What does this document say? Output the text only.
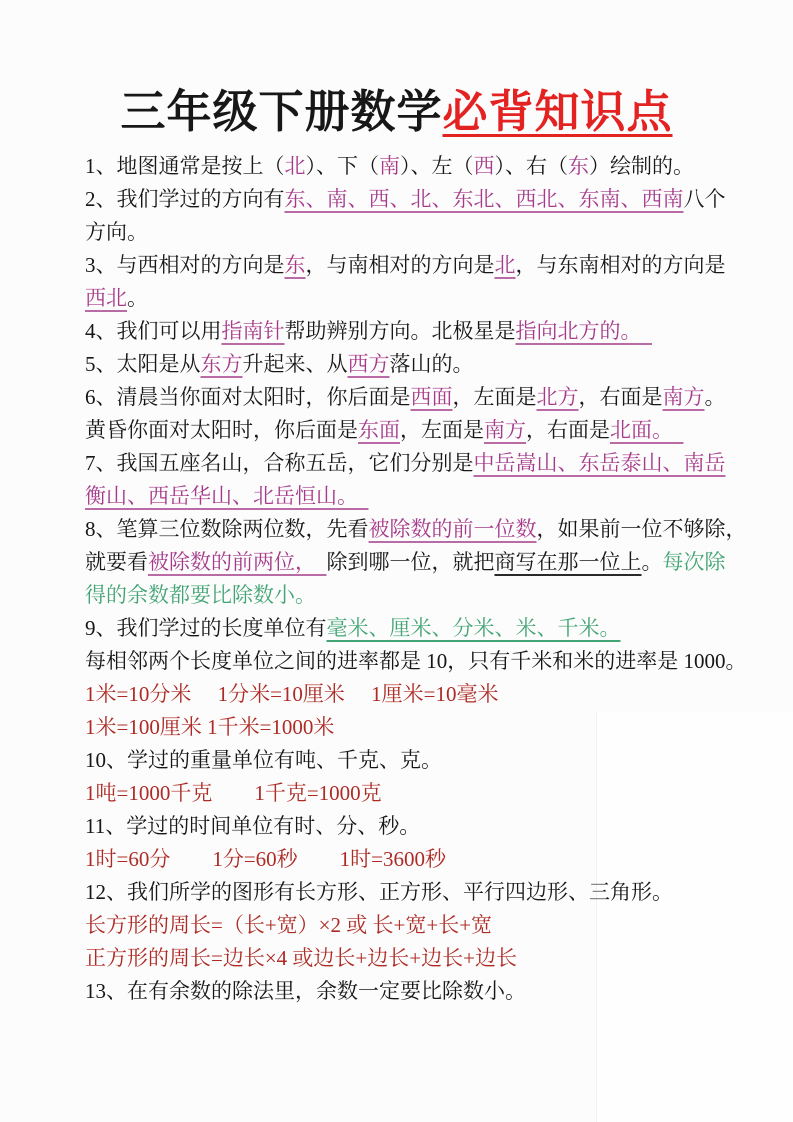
三年级下册数学必背知识点

1、地图通常是按上（北）、下（南）、左（西）、右（东）绘制的。

2、我们学过的方向有东、南、西、北、东北、西北、东南、西南八个

方向。

3、与西相对的方向是东，与南相对的方向是北，与东南相对的方向是

西北。

4、我们可以用指南针帮助辨别方向。北极星是指向北方的。　

5、太阳是从东方升起来、从西方落山的。

6、清晨当你面对太阳时，你后面是西面，左面是北方，右面是南方。

黄昏你面对太阳时，你后面是东面，左面是南方，右面是北面。　

7、我国五座名山，合称五岳，它们分别是中岳嵩山、东岳泰山、南岳

衡山、西岳华山、北岳恒山。　

8、笔算三位数除两位数，先看被除数的前一位数，如果前一位不够除，

就要看被除数的前两位，　除到哪一位，就把商写在那一位上。每次除

得的余数都要比除数小。

9、我们学过的长度单位有毫米、厘米、分米、米、千米。

每相邻两个长度单位之间的进率都是 10，只有千米和米的进率是 1000。

1米=10分米　 1分米=10厘米　 1厘米=10毫米

1米=100厘米 1千米=1000米

10、学过的重量单位有吨、千克、克。

1吨=1000千克　　1千克=1000克

11、学过的时间单位有时、分、秒。

1时=60分　　1分=60秒　　1时=3600秒

12、我们所学的图形有长方形、正方形、平行四边形、三角形。

长方形的周长=（长+宽）×2 或 长+宽+长+宽

正方形的周长=边长×4 或边长+边长+边长+边长

13、在有余数的除法里，余数一定要比除数小。
